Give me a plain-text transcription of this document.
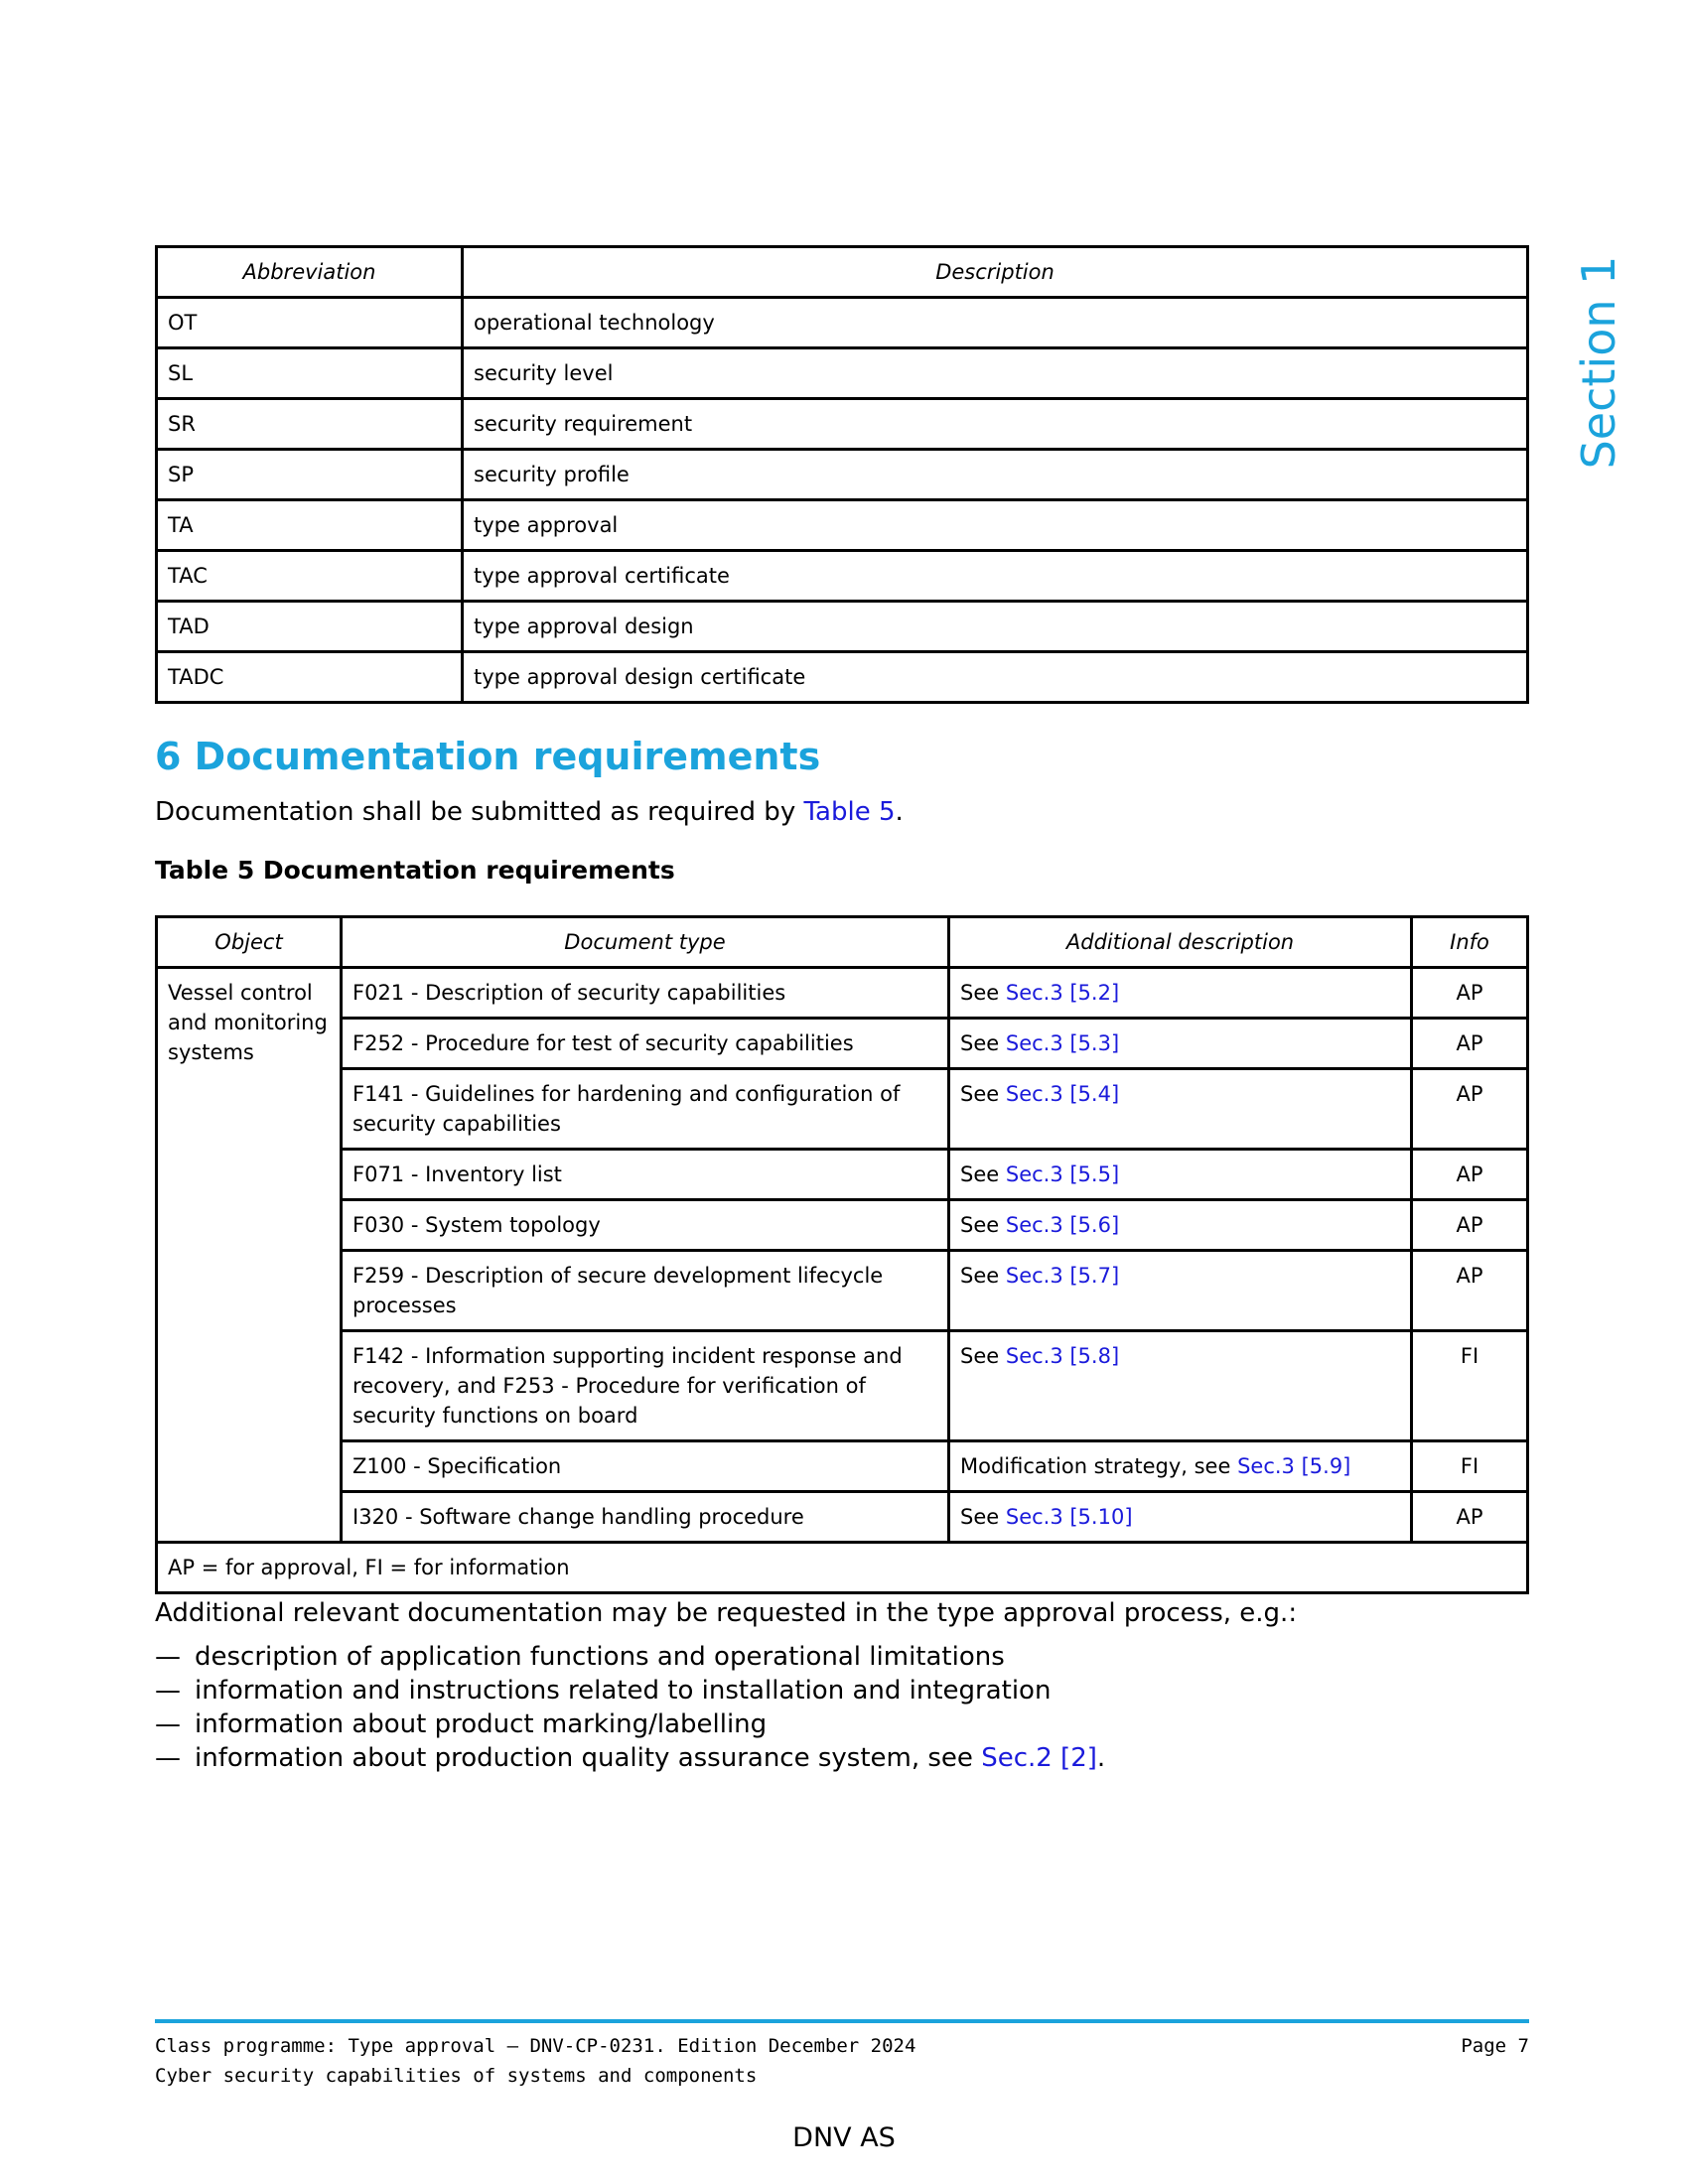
Section 1
Abbreviation	Description
OT	operational technology
SL	security level
SR	security requirement
SP	security profile
TA	type approval
TAC	type approval certificate
TAD	type approval design
TADC	type approval design certificate
6 Documentation requirements

Documentation shall be submitted as required by Table 5.

Table 5 Documentation requirements

Object	Document type	Additional description	Info
Vessel control and monitoring systems	F021 - Description of security capabilities	See Sec.3 [5.2]	AP
	F252 - Procedure for test of security capabilities	See Sec.3 [5.3]	AP
	F141 - Guidelines for hardening and configuration of security capabilities	See Sec.3 [5.4]	AP
	F071 - Inventory list	See Sec.3 [5.5]	AP
	F030 - System topology	See Sec.3 [5.6]	AP
	F259 - Description of secure development lifecycle processes	See Sec.3 [5.7]	AP
	F142 - Information supporting incident response and recovery, and F253 - Procedure for verification of security functions on board	See Sec.3 [5.8]	FI
	Z100 - Specification	Modification strategy, see Sec.3 [5.9]	FI
	I320 - Software change handling procedure	See Sec.3 [5.10]	AP
AP = for approval, FI = for information			

Additional relevant documentation may be requested in the type approval process, e.g.:

— description of application functions and operational limitations
— information and instructions related to installation and integration
— information about product marking/labelling
— information about production quality assurance system, see Sec.2 [2].
Class programme: Type approval — DNV-CP-0231. Edition December 2024
Cyber security capabilities of systems and components
Page 7
DNV AS
